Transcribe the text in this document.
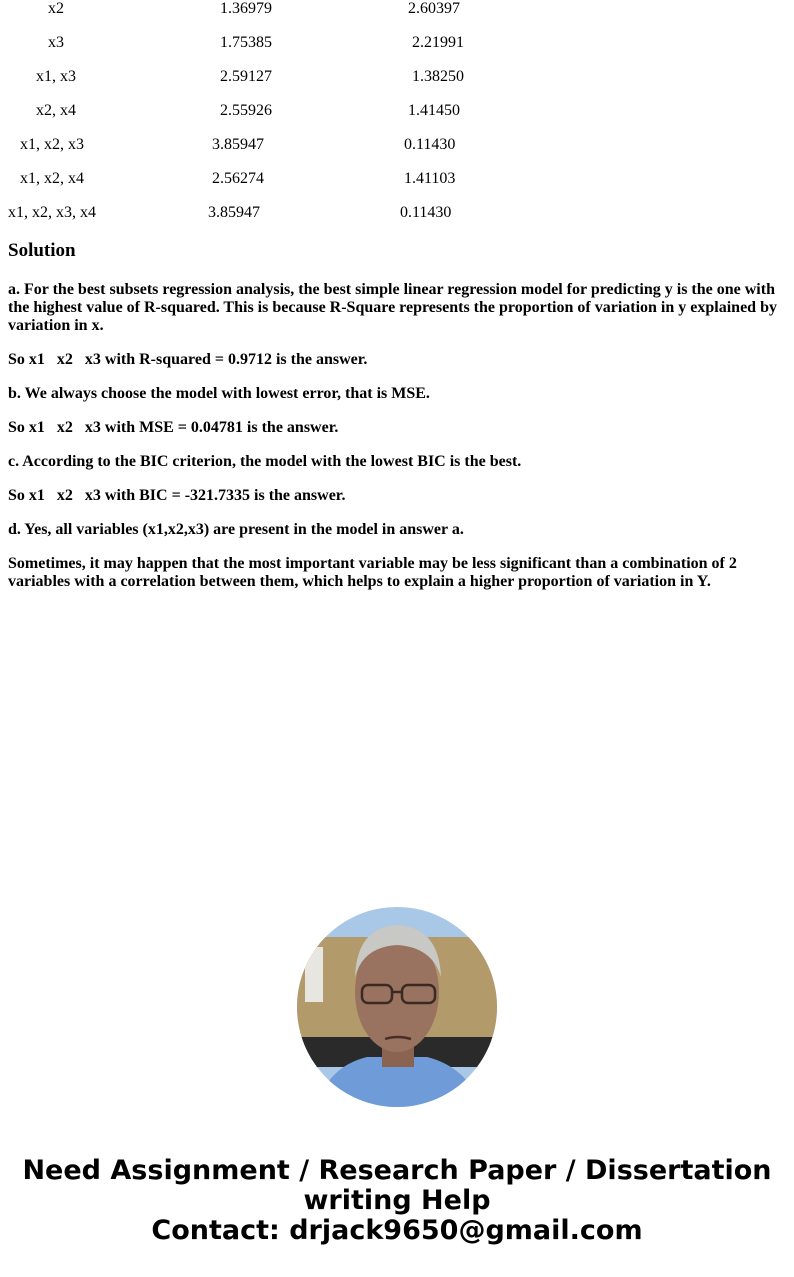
x2	1.36979	2.60397
x3	1.75385	2.21991
x1, x3	2.59127	1.38250
x2, x4	2.55926	1.41450
x1, x2, x3	3.85947	0.11430
x1, x2, x4	2.56274	1.41103
x1, x2, x3, x4	3.85947	0.11430
Solution

a. For the best subsets regression analysis, the best simple linear regression model for predicting y is the one with the highest value of R-squared. This is because R-Square represents the proportion of variation in y explained by variation in x.

So x1   x2   x3 with R-squared = 0.9712 is the answer.

b. We always choose the model with lowest error, that is MSE.

So x1   x2   x3 with MSE = 0.04781 is the answer.

c. According to the BIC criterion, the model with the lowest BIC is the best.

So x1   x2   x3 with BIC = -321.7335 is the answer.

d. Yes, all variables (x1,x2,x3) are present in the model in answer a.

Sometimes, it may happen that the most important variable may be less significant than a combination of 2 variables with a correlation between them, which helps to explain a higher proportion of variation in Y.

Need Assignment / Research Paper / Dissertation
writing Help
Contact: drjack9650@gmail.com
